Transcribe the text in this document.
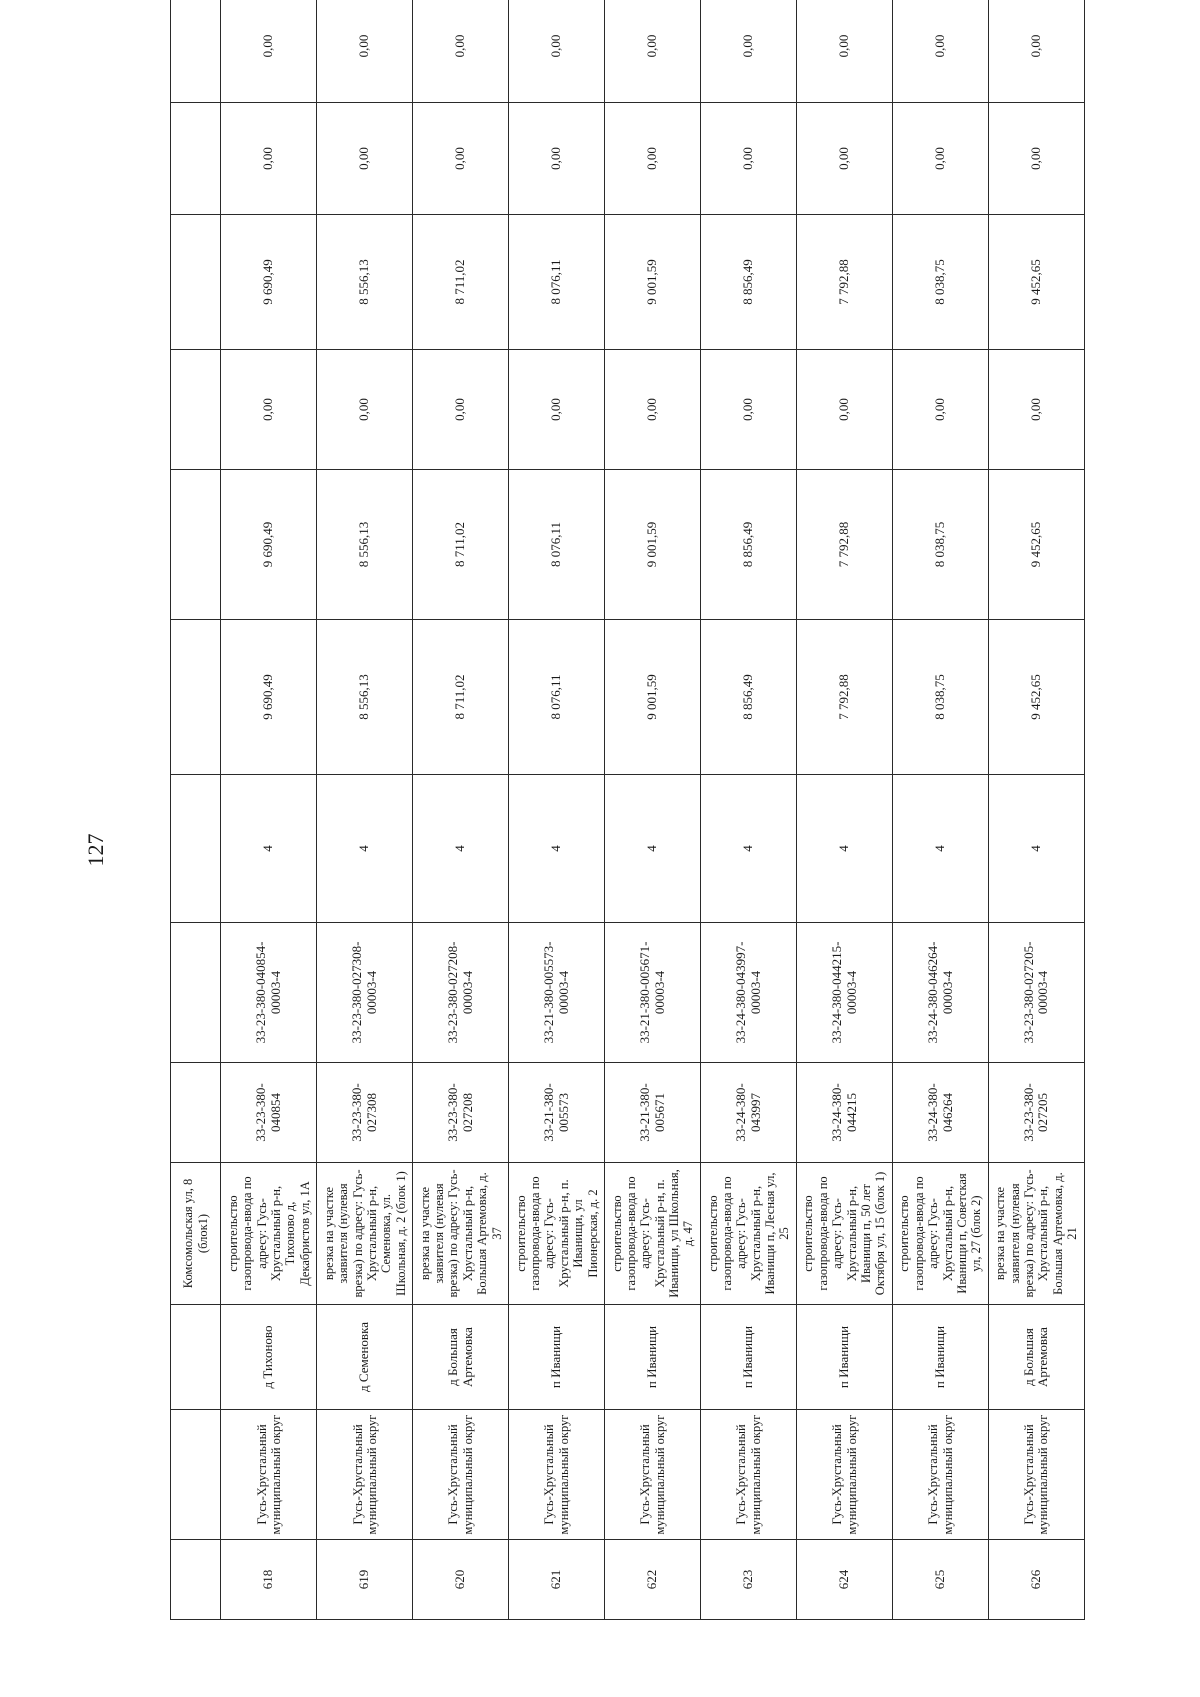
127
			Комсомольская ул, 8 (блок1)									
618	Гусь-Хрустальный муниципальный округ	д Тихоново	строительство газопровода-ввода по адресу: Гусь-Хрустальный р-н, Тихоново д, Декабристов ул, 1А	33-23-380-040854	33-23-380-040854-00003-4	4	9 690,49	9 690,49	0,00	9 690,49	0,00	0,00
619	Гусь-Хрустальный муниципальный округ	д Семеновка	врезка на участке заявителя (нулевая врезка) по адресу: Гусь-Хрустальный р-н, Семеновка, ул. Школьная, д. 2 (блок 1)	33-23-380-027308	33-23-380-027308-00003-4	4	8 556,13	8 556,13	0,00	8 556,13	0,00	0,00
620	Гусь-Хрустальный муниципальный округ	д Большая Артемовка	врезка на участке заявителя (нулевая врезка) по адресу: Гусь-Хрустальный р-н, Большая Артемовка, д. 37	33-23-380-027208	33-23-380-027208-00003-4	4	8 711,02	8 711,02	0,00	8 711,02	0,00	0,00
621	Гусь-Хрустальный муниципальный округ	п Иванищи	строительство газопровода-ввода по адресу: Гусь-Хрустальный р-н, п. Иванищи, ул Пионерская, д. 2	33-21-380-005573	33-21-380-005573-00003-4	4	8 076,11	8 076,11	0,00	8 076,11	0,00	0,00
622	Гусь-Хрустальный муниципальный округ	п Иванищи	строительство газопровода-ввода по адресу: Гусь-Хрустальный р-н, п. Иванищи, ул Школьная, д. 47	33-21-380-005671	33-21-380-005671-00003-4	4	9 001,59	9 001,59	0,00	9 001,59	0,00	0,00
623	Гусь-Хрустальный муниципальный округ	п Иванищи	строительство газопровода-ввода по адресу: Гусь-Хрустальный р-н, Иванищи п, Лесная ул, 25	33-24-380-043997	33-24-380-043997-00003-4	4	8 856,49	8 856,49	0,00	8 856,49	0,00	0,00
624	Гусь-Хрустальный муниципальный округ	п Иванищи	строительство газопровода-ввода по адресу: Гусь-Хрустальный р-н, Иванищи п, 50 лет Октября ул, 15 (блок 1)	33-24-380-044215	33-24-380-044215-00003-4	4	7 792,88	7 792,88	0,00	7 792,88	0,00	0,00
625	Гусь-Хрустальный муниципальный округ	п Иванищи	строительство газопровода-ввода по адресу: Гусь-Хрустальный р-н, Иванищи п, Советская ул, 27 (блок 2)	33-24-380-046264	33-24-380-046264-00003-4	4	8 038,75	8 038,75	0,00	8 038,75	0,00	0,00
626	Гусь-Хрустальный муниципальный округ	д Большая Артемовка	врезка на участке заявителя (нулевая врезка) по адресу: Гусь-Хрустальный р-н, Большая Артемовка, д. 21	33-23-380-027205	33-23-380-027205-00003-4	4	9 452,65	9 452,65	0,00	9 452,65	0,00	0,00
